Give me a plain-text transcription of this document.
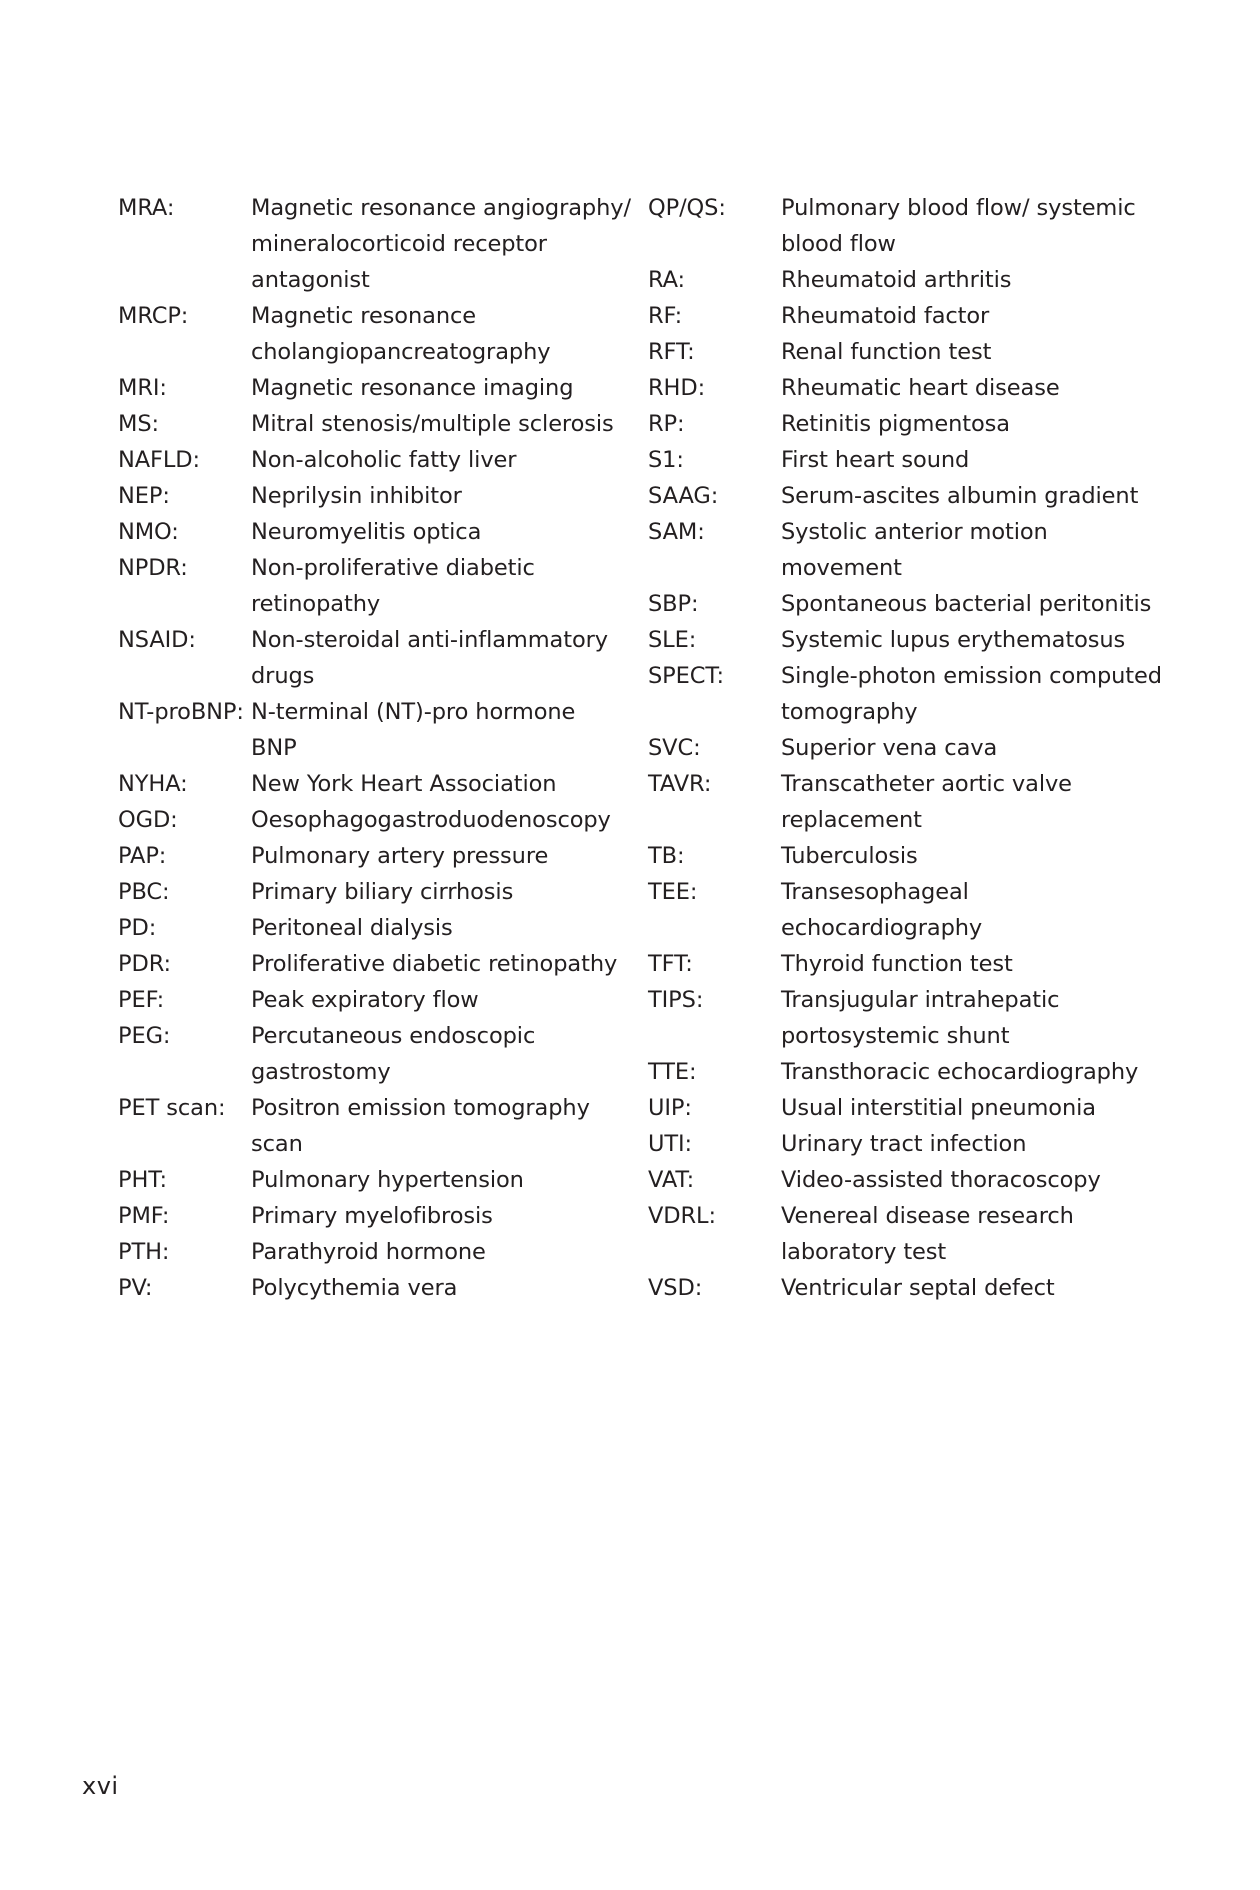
MRA:	Magnetic resonance angiography/
mineralocorticoid receptor
antagonist
MRCP:	Magnetic resonance
cholangiopancreatography
MRI:	Magnetic resonance imaging
MS:	Mitral stenosis/multiple sclerosis
NAFLD:	Non-alcoholic fatty liver
NEP:	Neprilysin inhibitor
NMO:	Neuromyelitis optica
NPDR:	Non-proliferative diabetic
retinopathy
NSAID:	Non-steroidal anti-inflammatory
drugs
NT-proBNP: N-terminal (NT)-pro hormone
BNP
NYHA:	New York Heart Association
OGD:	Oesophagogastroduodenoscopy
PAP:	Pulmonary artery pressure
PBC:	Primary biliary cirrhosis
PD:	Peritoneal dialysis
PDR:	Proliferative diabetic retinopathy
PEF:	Peak expiratory flow
PEG:	Percutaneous endoscopic
gastrostomy
PET scan:	Positron emission tomography
scan
PHT:	Pulmonary hypertension
PMF:	Primary myelofibrosis
PTH:	Parathyroid hormone
PV:	Polycythemia vera
QP/QS:	Pulmonary blood flow/ systemic
blood flow
RA:	Rheumatoid arthritis
RF:	Rheumatoid factor
RFT:	Renal function test
RHD:	Rheumatic heart disease
RP:	Retinitis pigmentosa
S1:	First heart sound
SAAG:	Serum-ascites albumin gradient
SAM:	Systolic anterior motion
movement
SBP:	Spontaneous bacterial peritonitis
SLE:	Systemic lupus erythematosus
SPECT:	Single-photon emission computed
tomography
SVC:	Superior vena cava
TAVR:	Transcatheter aortic valve
replacement
TB:	Tuberculosis
TEE:	Transesophageal
echocardiography
TFT:	Thyroid function test
TIPS:	Transjugular intrahepatic
portosystemic shunt
TTE:	Transthoracic echocardiography
UIP:	Usual interstitial pneumonia
UTI:	Urinary tract infection
VAT:	Video-assisted thoracoscopy
VDRL:	Venereal disease research
laboratory test
VSD:	Ventricular septal defect
xvi
